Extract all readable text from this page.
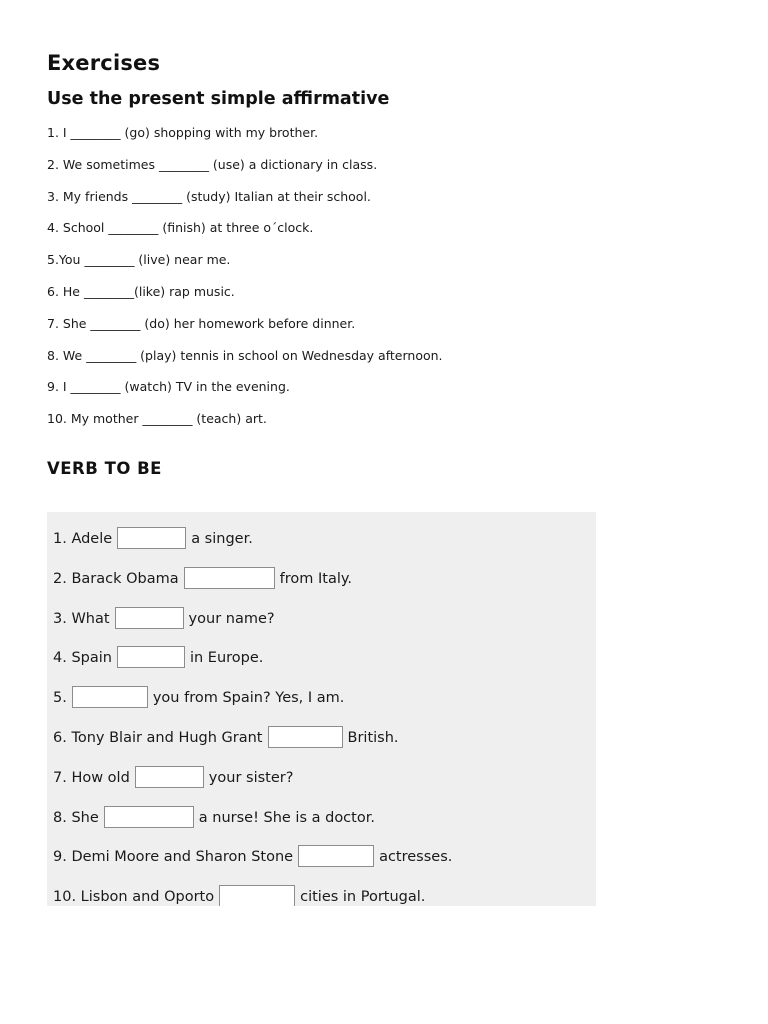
Exercises
Use the present simple affirmative
1. I ________ (go) shopping with my brother.
2. We sometimes ________ (use) a dictionary in class.
3. My friends ________ (study) Italian at their school.
4. School ________ (finish) at three o´clock.
5.You ________ (live) near me.
6. He ________(like) rap music.
7. She ________ (do) her homework before dinner.
8. We ________ (play) tennis in school on Wednesday afternoon.
9. I ________ (watch) TV in the evening.
10. My mother ________ (teach) art.
VERB TO BE
1. Adele	a singer.
2. Barack Obama	from Italy.
3. What	your name?
4. Spain	in Europe.
5.	you from Spain? Yes, I am.
6. Tony Blair and Hugh Grant	British.
7. How old	your sister?
8. She	a nurse! She is a doctor.
9. Demi Moore and Sharon Stone	actresses.
10. Lisbon and Oporto	cities in Portugal.
